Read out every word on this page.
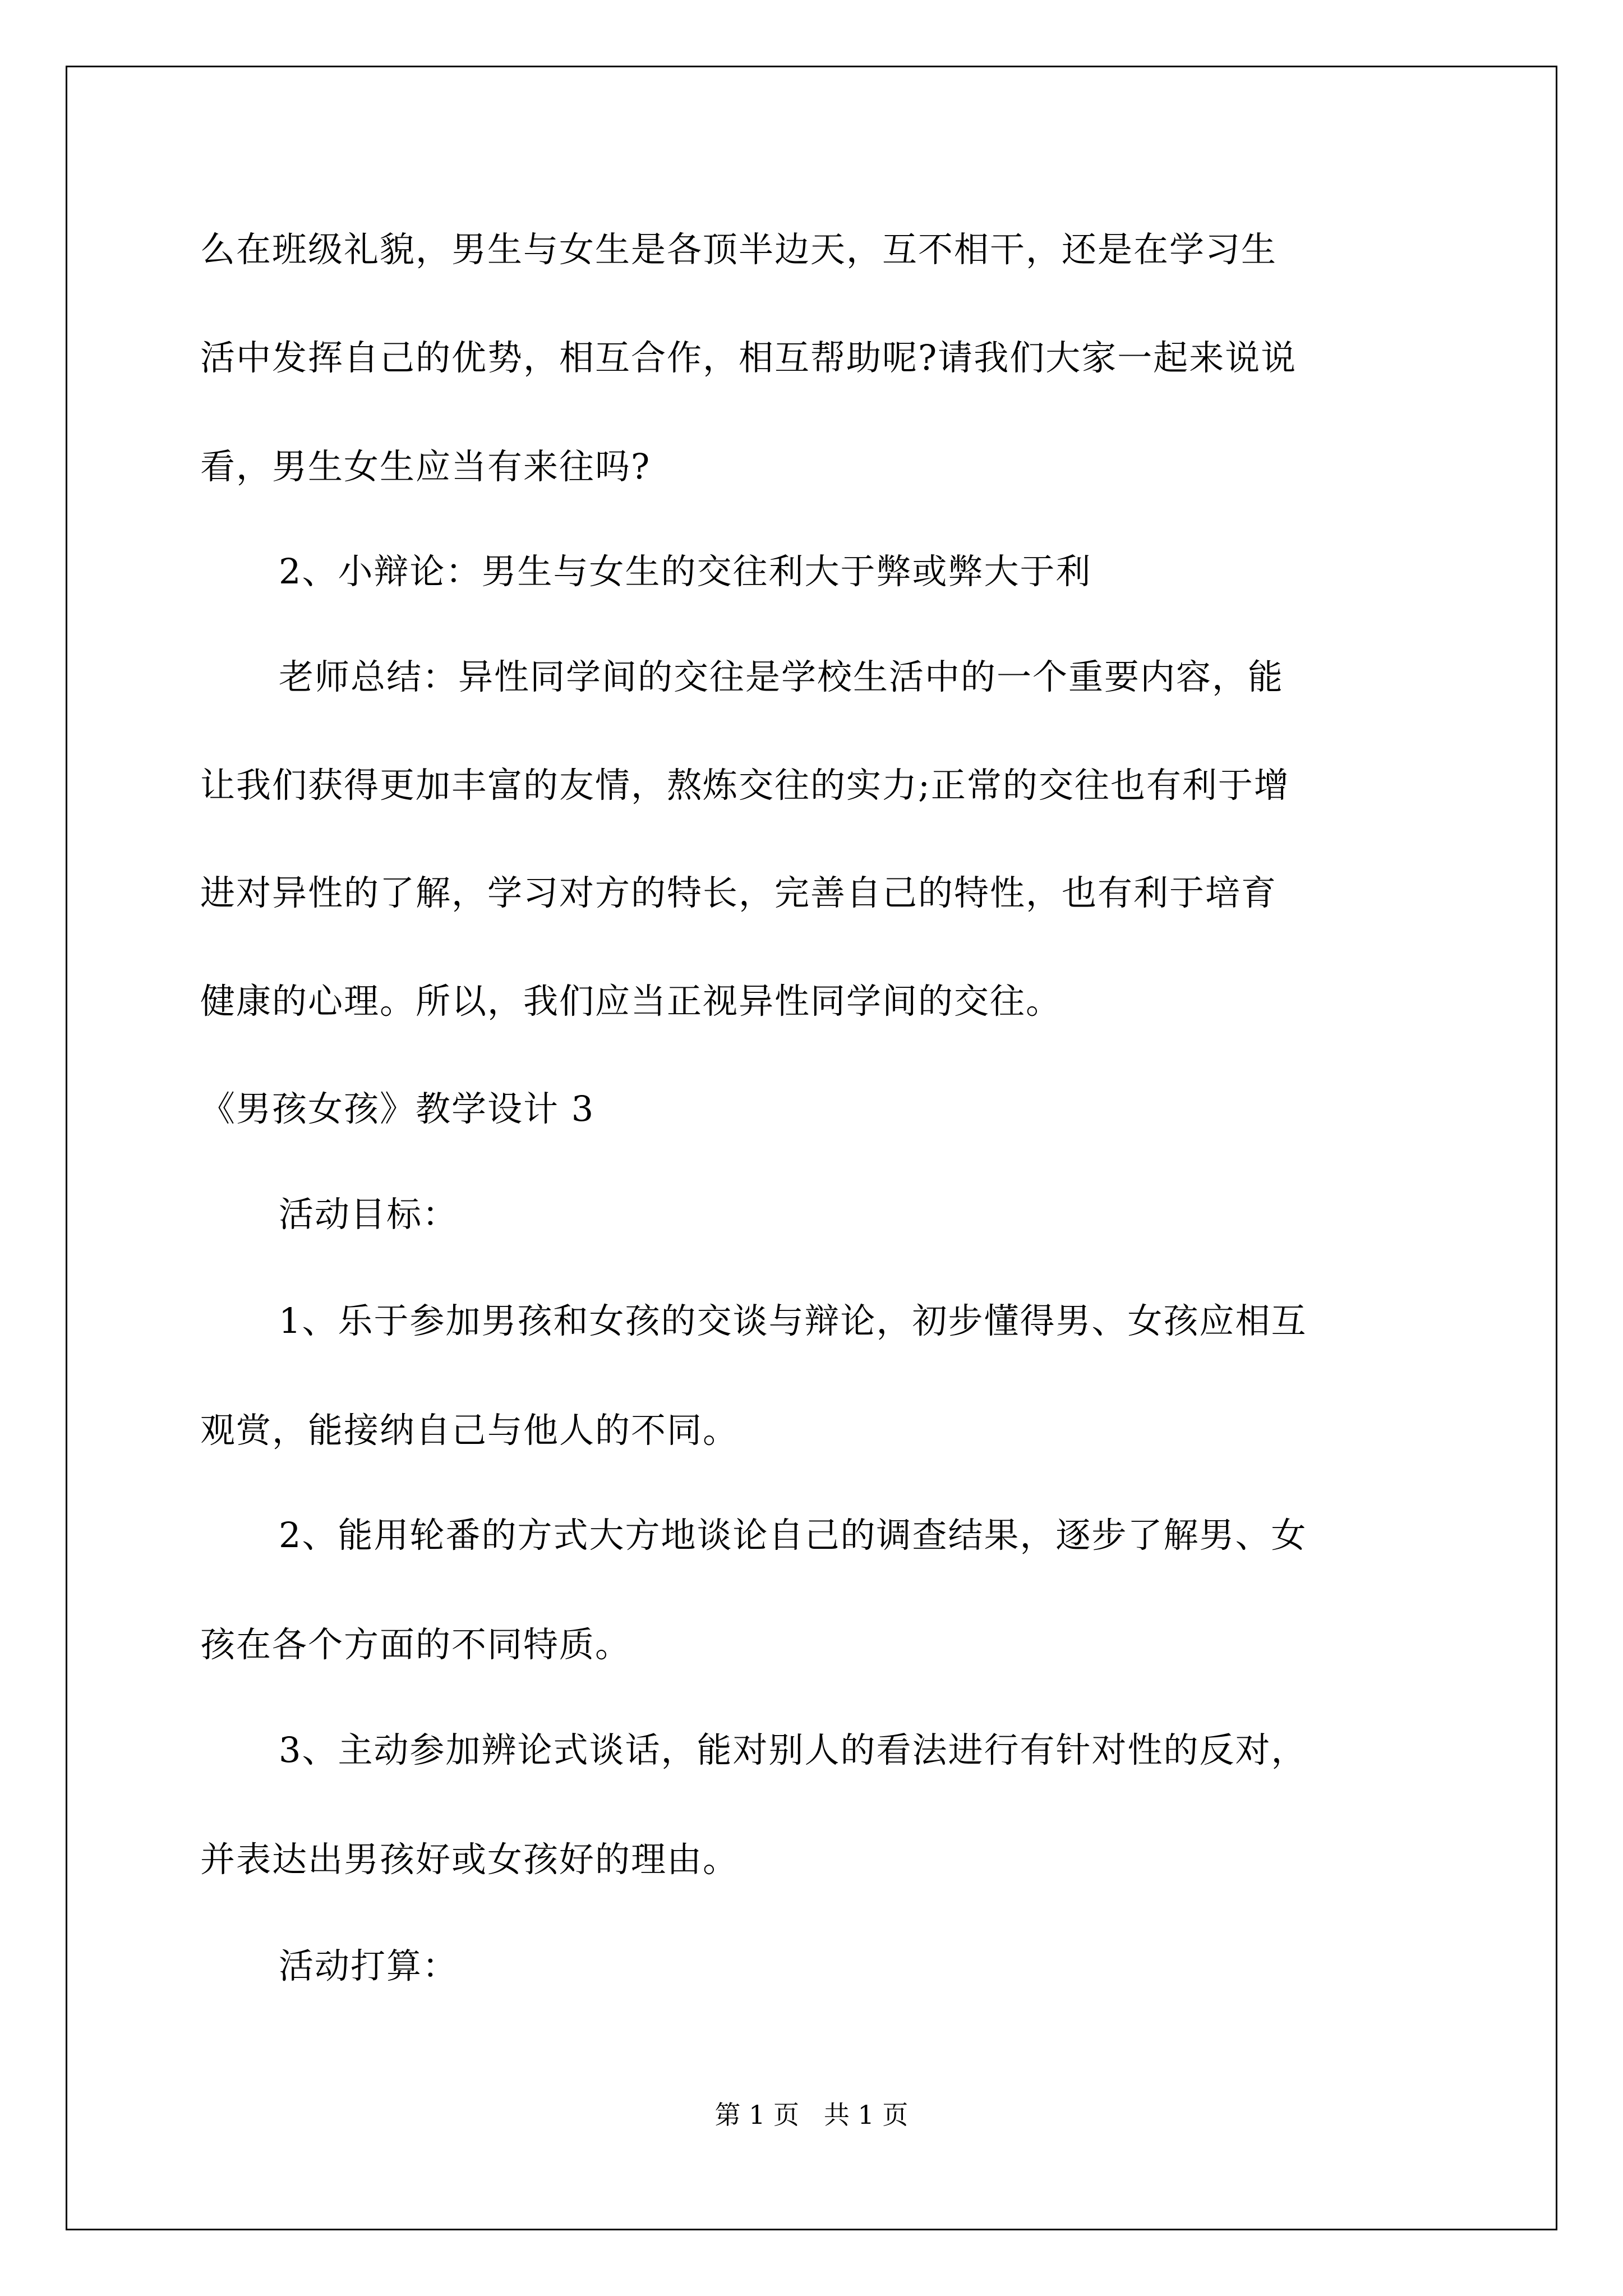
么在班级礼貌，男生与女生是各顶半边天，互不相干，还是在学习生

活中发挥自己的优势，相互合作，相互帮助呢?请我们大家一起来说说

看，男生女生应当有来往吗?

2、小辩论：男生与女生的交往利大于弊或弊大于利

老师总结：异性同学间的交往是学校生活中的一个重要内容，能

让我们获得更加丰富的友情，熬炼交往的实力;正常的交往也有利于增

进对异性的了解，学习对方的特长，完善自己的特性，也有利于培育

健康的心理。所以，我们应当正视异性同学间的交往。

《男孩女孩》教学设计 3

活动目标：

1、乐于参加男孩和女孩的交谈与辩论，初步懂得男、女孩应相互

观赏，能接纳自己与他人的不同。

2、能用轮番的方式大方地谈论自己的调查结果，逐步了解男、女

孩在各个方面的不同特质。

3、主动参加辨论式谈话，能对别人的看法进行有针对性的反对，

并表达出男孩好或女孩好的理由。

活动打算：

第 1 页   共 1 页
